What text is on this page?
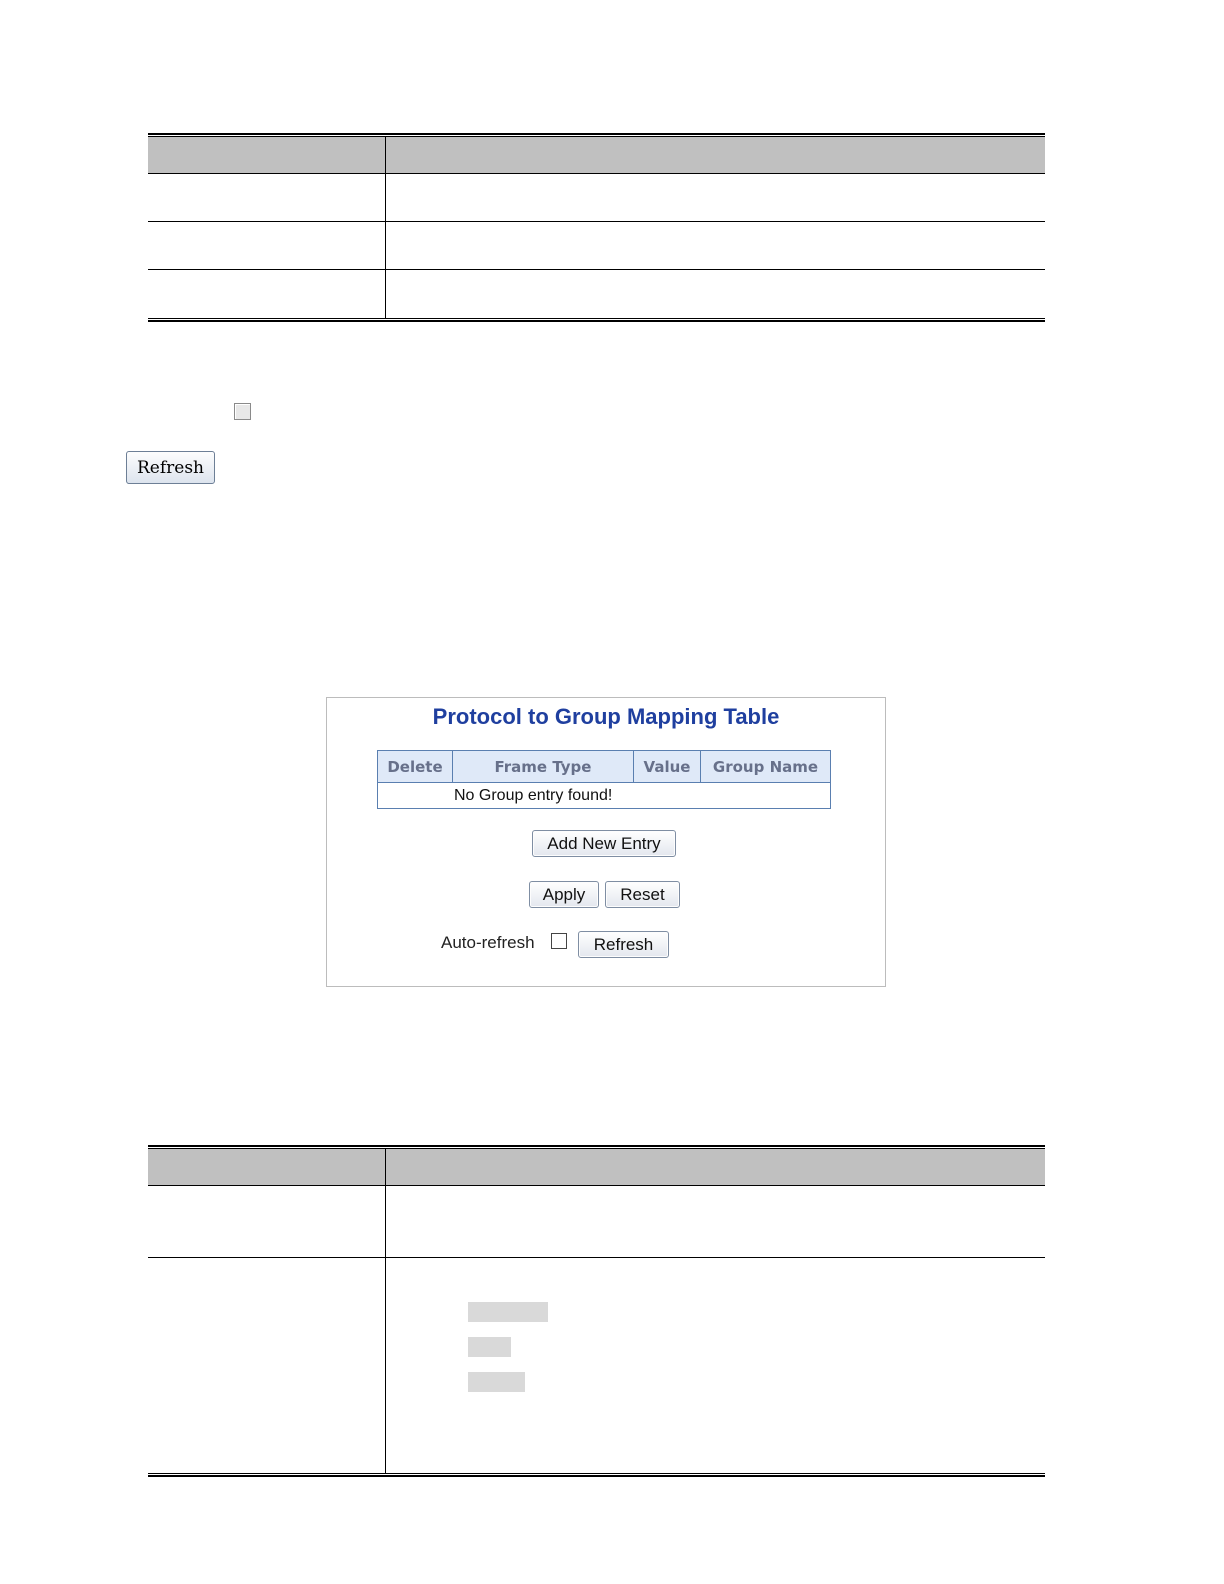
Refresh
Protocol to Group Mapping Table
Delete	Frame Type	Value	Group Name
No Group entry found!
Add New Entry
Apply	Reset
Auto-refresh	Refresh
